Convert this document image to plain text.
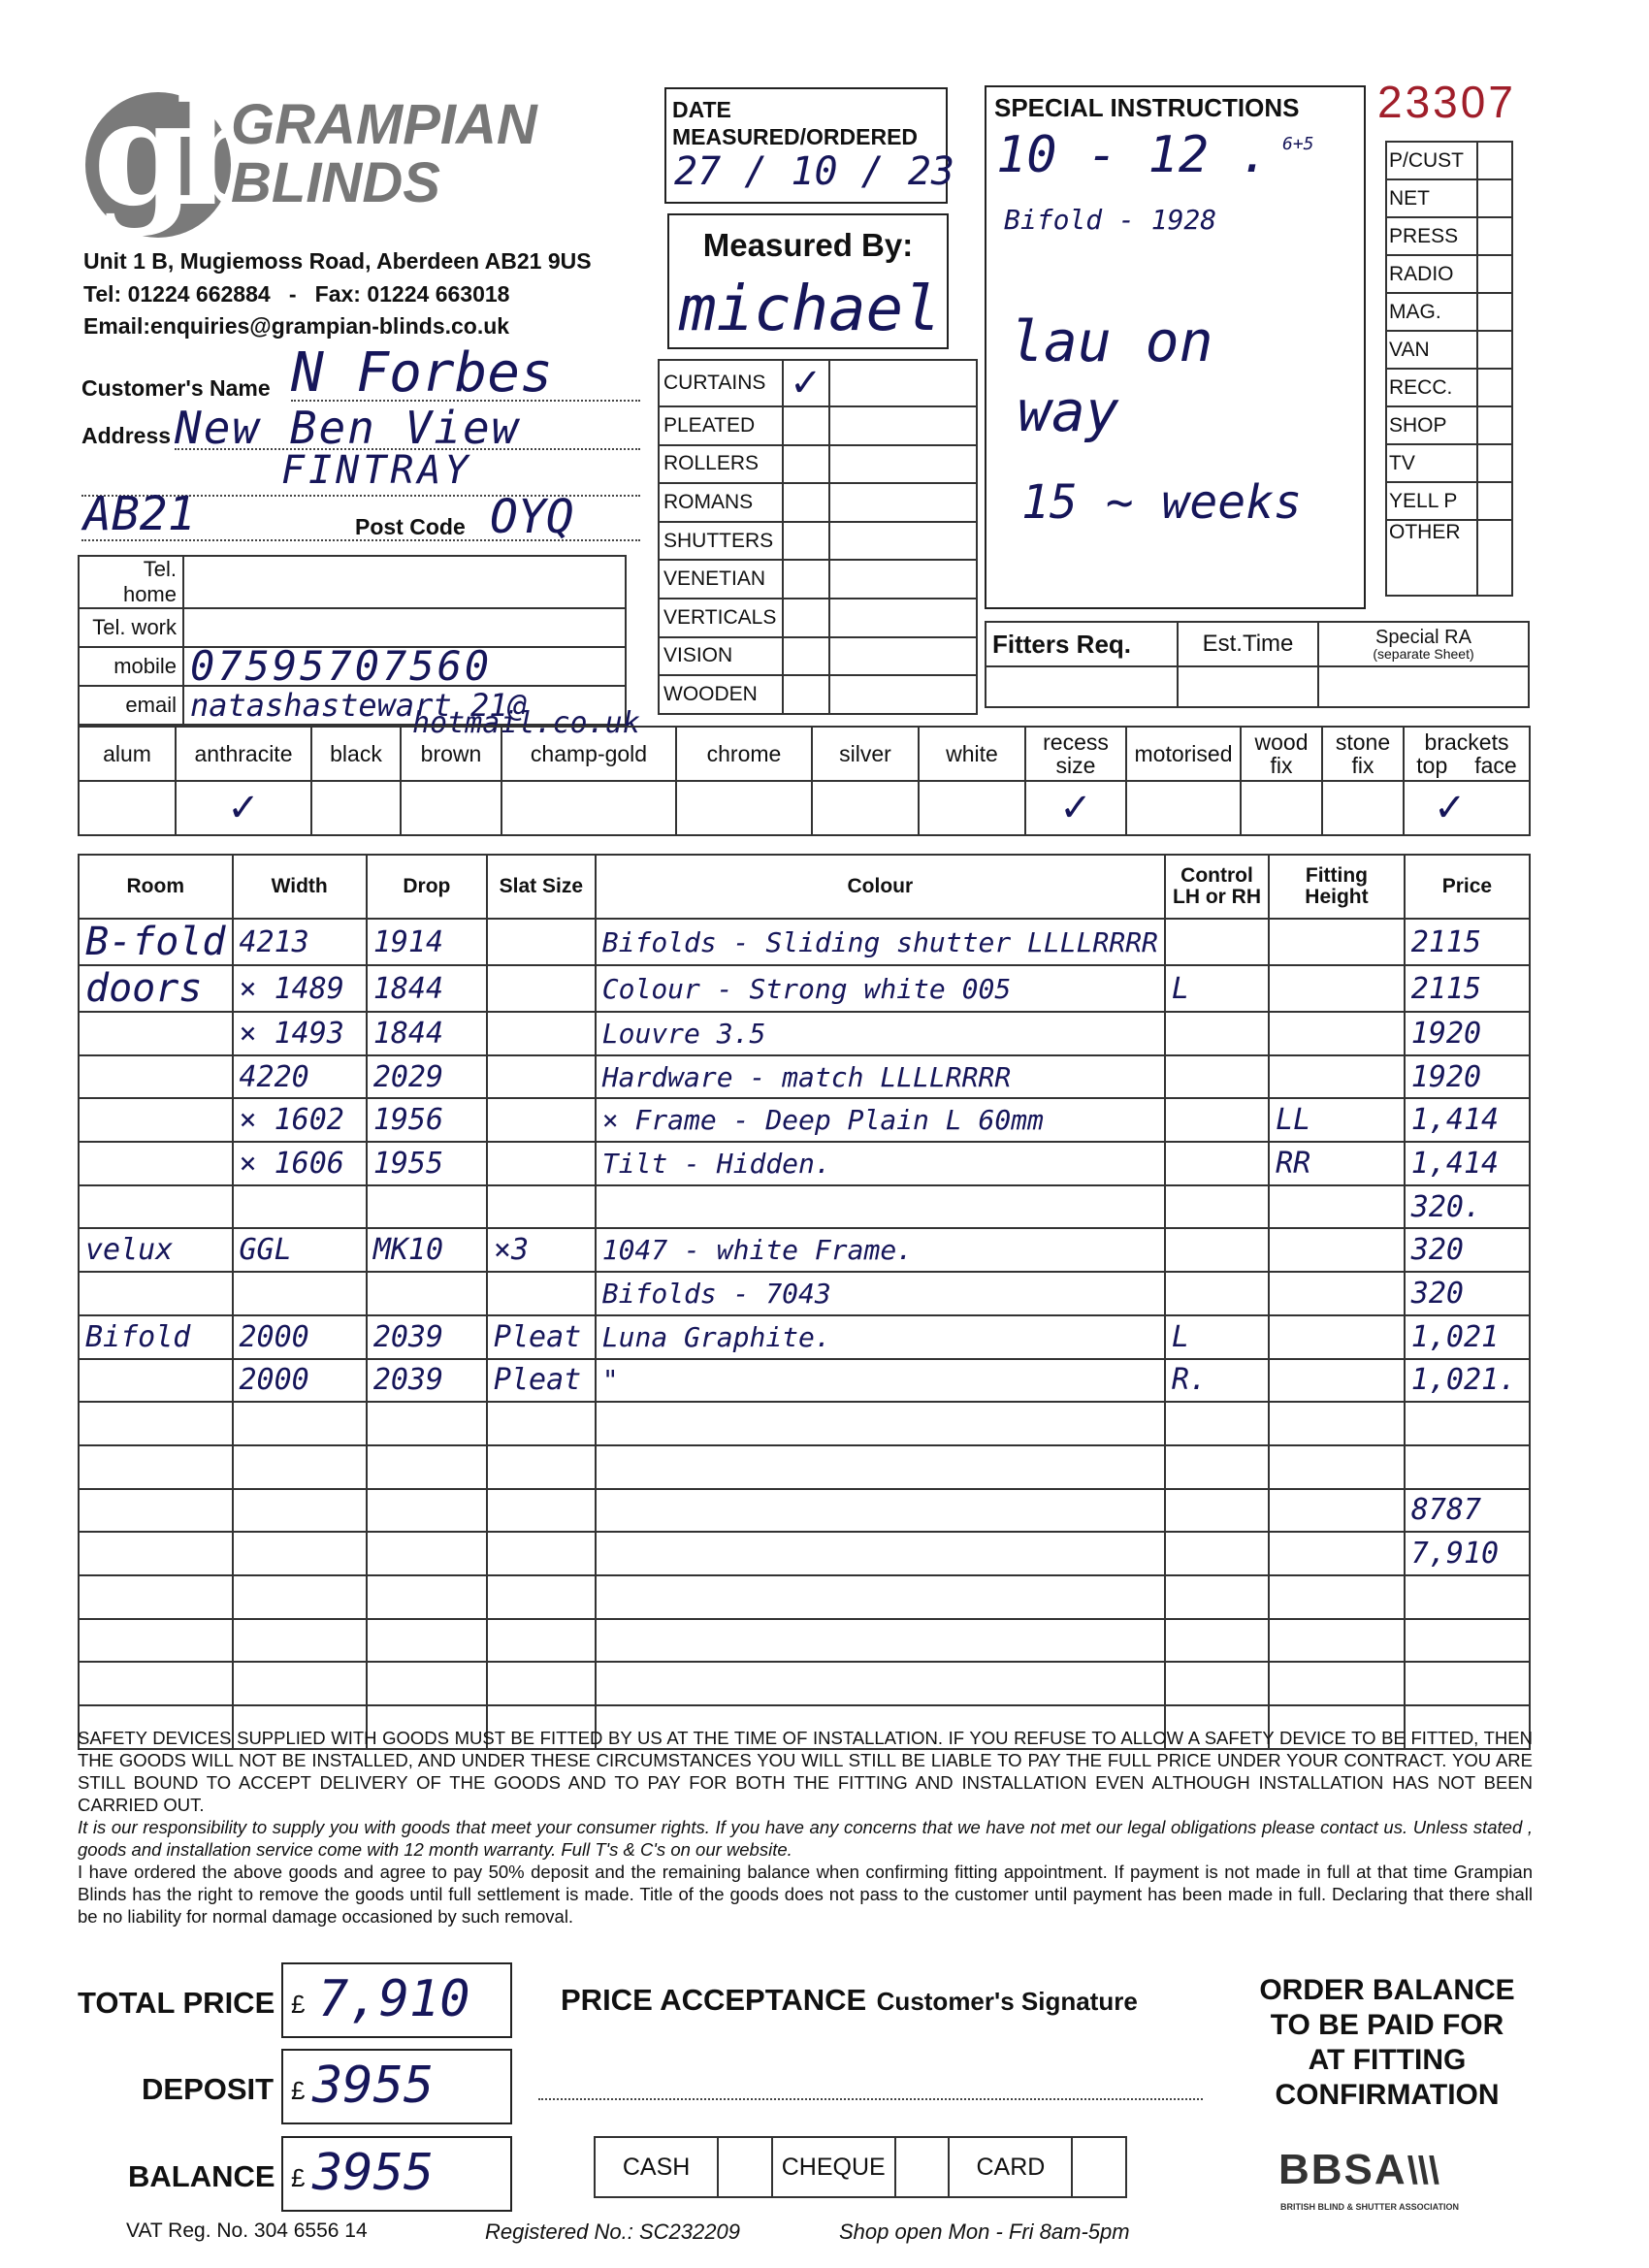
gb
GRAMPIAN
BLINDS
Unit 1 B, Mugiemoss Road, Aberdeen AB21 9US
Tel: 01224 662884   -   Fax: 01224 663018
Email:enquiries@grampian-blinds.co.uk
DATE
MEASURED/ORDERED
27 / 10 / 23
Measured By:
michael
SPECIAL INSTRUCTIONS
10 - 12 . 6+5
Bifold - 1928
lau on
way
15 ~ weeks
23307
P/CUST	
NET	
PRESS	
RADIO	
MAG.	
VAN	
RECC.	
SHOP	
TV	
YELL P	
OTHER	
Fitters Req.	Est.Time	Special RA
(separate Sheet)

Customer's Name N Forbes
Address New Ben View
FINTRAY
AB21	Post Code OYQ
Tel. home	
Tel. work	
mobile	07595707560
email	natashastewart 21@
hotmail.co.uk
CURTAINS	✓	
PLEATED		
ROLLERS		
ROMANS		
SHUTTERS		
VENETIAN		
VERTICALS		
VISION		
WOODEN		
alum	anthracite	black	brown	champ-gold	chrome	silver	white	recess size	motorised	wood fix	stone fix	brackets
top face

	✓							✓				✓
Room	Width	Drop	Slat Size	Colour	Control LH or RH	Fitting Height	Price
B-fold	4213	1914		Bifolds - Sliding shutter LLLLRRRR			2115
doors	× 1489	1844		Colour - Strong white 005	L		2115
	× 1493	1844		Louvre 3.5			1920
	4220	2029		Hardware - match LLLLRRRR			1920
	× 1602	1956		× Frame - Deep Plain L 60mm		LL	1,414
	× 1606	1955		Tilt - Hidden.		RR	1,414
							320.
velux	GGL	MK10	×3	1047 - white Frame.			320
				Bifolds - 7043			320
Bifold	2000	2039	Pleat	Luna Graphite.	L		1,021
	2000	2039	Pleat	"	R.		1,021.

							8787
							7,910

SAFETY DEVICES SUPPLIED WITH GOODS MUST BE FITTED BY US AT THE TIME OF INSTALLATION. IF YOU REFUSE TO ALLOW A SAFETY DEVICE TO BE FITTED, THEN THE GOODS WILL NOT BE INSTALLED, AND UNDER THESE CIRCUMSTANCES YOU WILL STILL BE LIABLE TO PAY THE FULL PRICE UNDER YOUR CONTRACT. YOU ARE STILL BOUND TO ACCEPT DELIVERY OF THE GOODS AND TO PAY FOR BOTH THE FITTING AND INSTALLATION EVEN ALTHOUGH INSTALLATION HAS NOT BEEN CARRIED OUT.
It is our responsibility to supply you with goods that meet your consumer rights. If you have any concerns that we have not met our legal obligations please contact us. Unless stated , goods and installation service come with 12 month warranty. Full T's & C's on our website.
I have ordered the above goods and agree to pay 50% deposit and the remaining balance when confirming fitting appointment. If payment is not made in full at that time Grampian Blinds has the right to remove the goods until full settlement is made. Title of the goods does not pass to the customer until payment has been made in full. Declaring that there shall be no liability for normal damage occasioned by such removal.
TOTAL PRICE £ 7,910
DEPOSIT £ 3955
BALANCE £ 3955
PRICE ACCEPTANCE Customer's Signature
CASH		CHEQUE		CARD	
ORDER BALANCE
TO BE PAID FOR
AT FITTING
CONFIRMATION
BBSA\\\
BRITISH BLIND & SHUTTER ASSOCIATION
VAT Reg. No. 304 6556 14	Registered No.: SC232209	Shop open Mon - Fri 8am-5pm
